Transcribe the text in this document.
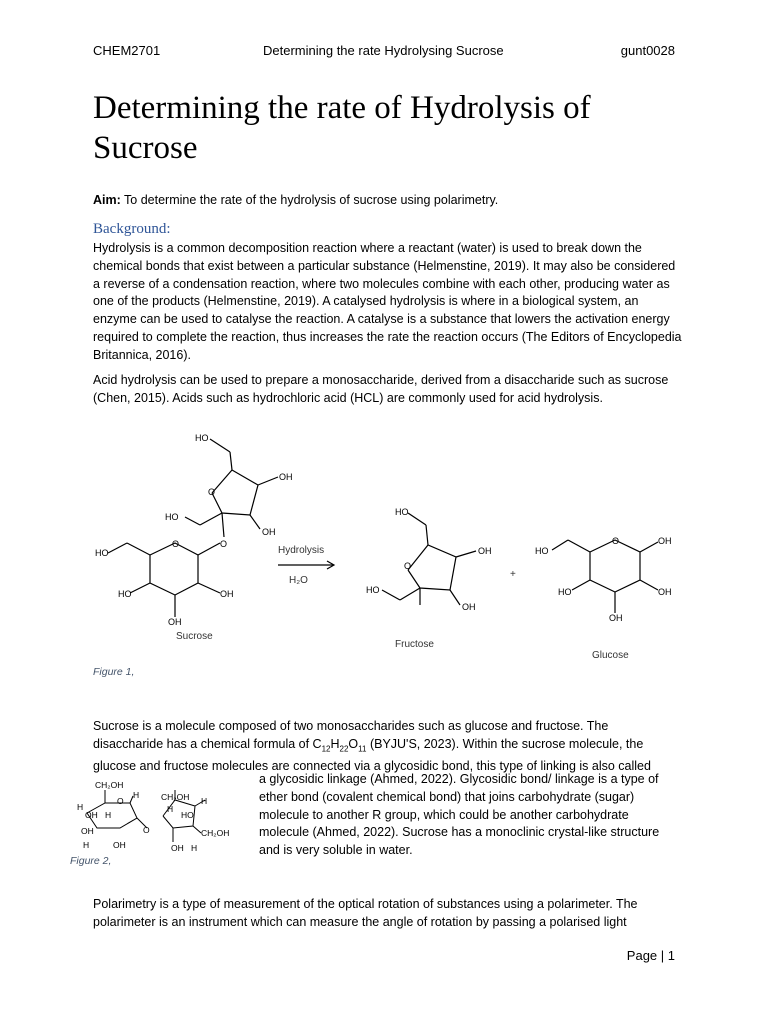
CHEM2701	Determining the rate Hydrolysing Sucrose	gunt0028
Determining the rate of Hydrolysis of Sucrose
Aim: To determine the rate of the hydrolysis of sucrose using polarimetry.
Background:

Hydrolysis is a common decomposition reaction where a reactant (water) is used to break down the chemical bonds that exist between a particular substance (Helmenstine, 2019). It may also be considered a reverse of a condensation reaction, where two molecules combine with each other, producing water as one of the products (Helmenstine, 2019). A catalysed hydrolysis is where in a biological system, an enzyme can be used to catalyse the reaction. A catalyse is a substance that lowers the activation energy required to complete the reaction, thus increases the rate the reaction occurs (The Editors of Encyclopedia Britannica, 2016).

Acid hydrolysis can be used to prepare a monosaccharide, derived from a disaccharide such as sucrose (Chen, 2015). Acids such as hydrochloric acid (HCL) are commonly used for acid hydrolysis.

HO
OH
O
HO
OH
O
HO
O
HO	OH
OH
HO
OH
O
HO
OH
HO
O	OH
HO	OH
OH
Hydrolysis
H₂O
+
Sucrose
Fructose
Glucose
Figure 1,

Sucrose is a molecule composed of two monosaccharides such as glucose and fructose. The
disaccharide has a chemical formula of $C_{12}H_{22}O_{11}$ (BYJU'S, 2023). Within the sucrose molecule, the
glucose and fructose molecules are connected via a glycosidic bond, this type of linking is also called

a glycosidic linkage (Ahmed, 2022). Glycosidic bond/ linkage is a type of ether bond (covalent chemical bond) that joins carbohydrate (sugar) molecule to another R group, which could be another carbohydrate molecule (Ahmed, 2022). Sucrose has a monoclinic crystal-like structure and is very soluble in water.

CH₂OH
O
H
H
OH H
OH	O
H	OH
CH₂OH H
H
HO
CH₂OH
OH H
Figure 2,

Polarimetry is a type of measurement of the optical rotation of substances using a polarimeter. The polarimeter is an instrument which can measure the angle of rotation by passing a polarised light

Page | 1
